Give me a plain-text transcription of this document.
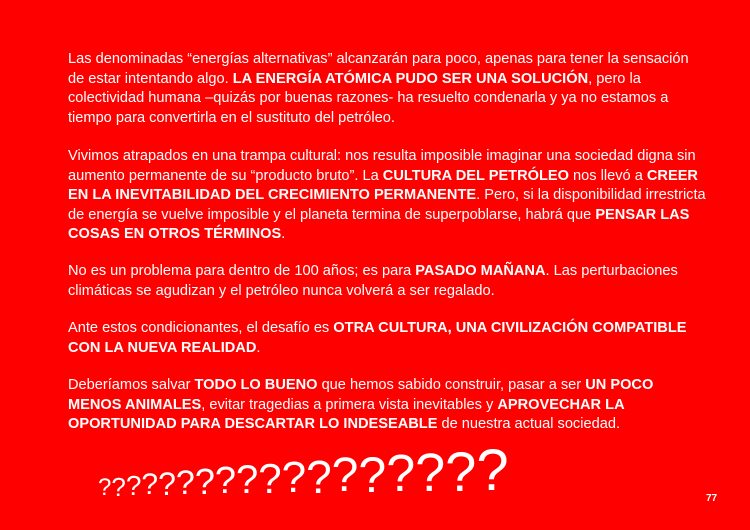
Las denominadas “energías alternativas” alcanzarán para poco, apenas para tener la sensación de estar intentando algo. LA ENERGÍA ATÓMICA PUDO SER UNA SOLUCIÓN, pero la colectividad humana –quizás por buenas razones- ha resuelto condenarla y ya no estamos a tiempo para convertirla en el sustituto del petróleo.

Vivimos atrapados en una trampa cultural: nos resulta imposible imaginar una sociedad digna sin aumento permanente de su “producto bruto”. La CULTURA DEL PETRÓLEO nos llevó a CREER EN LA INEVITABILIDAD DEL CRECIMIENTO PERMANENTE. Pero, si la disponibilidad irrestricta de energía se vuelve imposible y el planeta termina de superpoblarse, habrá que PENSAR LAS COSAS EN OTROS TÉRMINOS.

No es un problema para dentro de 100 años; es para PASADO MAÑANA. Las perturbaciones climáticas se agudizan y el petróleo nunca volverá a ser regalado.

Ante estos condicionantes, el desafío es OTRA CULTURA, UNA CIVILIZACIÓN COMPATIBLE CON LA NUEVA REALIDAD.

Deberíamos salvar TODO LO BUENO que hemos sabido construir, pasar a ser UN POCO MENOS ANIMALES, evitar tragedias a primera vista inevitables y APROVECHAR LA OPORTUNIDAD PARA DESCARTAR LO INDESEABLE de nuestra actual sociedad.

? ? ? ? ? ? ? ? ? ? ? ? ? ? ? ? ? ?	77
